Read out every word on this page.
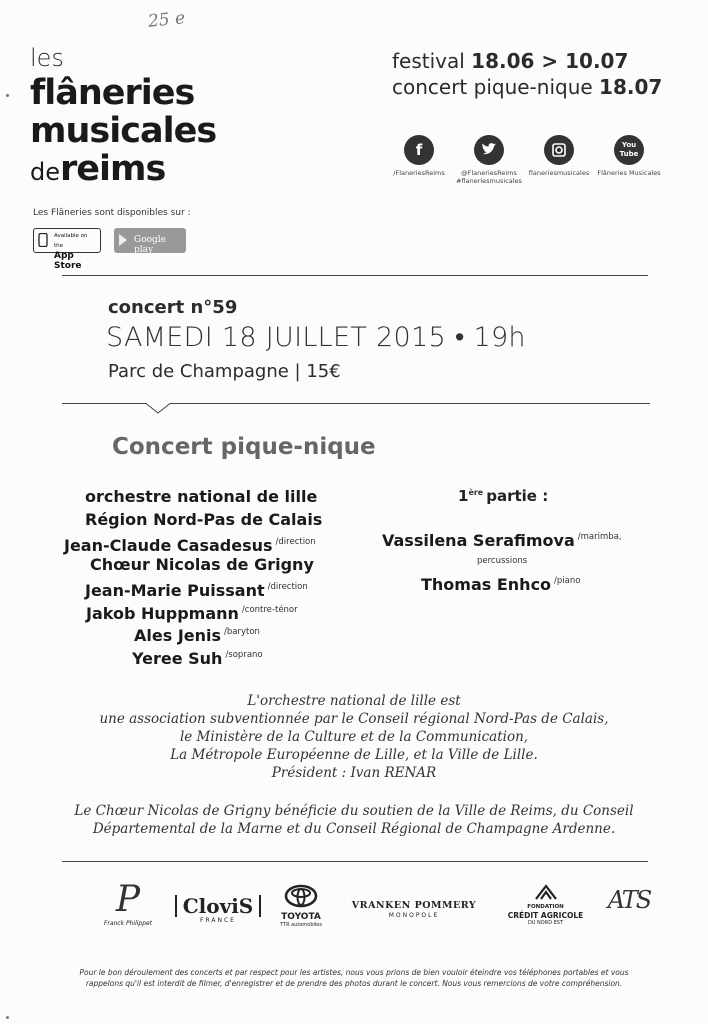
25 e
les
flâneries
musicales
dereims
festival 18.06 > 10.07
concert pique-nique 18.07
f
/FlaneriesReims	@FlaneriesReims #flaneriesmusicales
flaneriesmusicales
You Tube
Flâneries Musicales
Les Flâneries sont disponibles sur :
Available on the
App Store
Google play
concert n°59
SAMEDI 18 JUILLET 2015 • 19h
Parc de Champagne | 15€
Concert pique-nique
orchestre national de lille
Région Nord-Pas de Calais
Jean-Claude Casadesus $^{/direction}$
Chœur Nicolas de Grigny
Jean-Marie Puissant $^{/direction}$
Jakob Huppmann $^{/contre-ténor}$
Ales Jenis $^{/baryton}$
Yeree Suh $^{/soprano}$
1ère partie :
Vassilena Serafimova $^{/marimba,}$
percussions
Thomas Enhco $^{/piano}$
L'orchestre national de lille est
une association subventionnée par le Conseil régional Nord-Pas de Calais,
le Ministère de la Culture et de la Communication,
La Métropole Européenne de Lille, et la Ville de Lille.
Président : Ivan RENAR
Le Chœur Nicolas de Grigny bénéficie du soutien de la Ville de Reims, du Conseil
Départemental de la Marne et du Conseil Régional de Champagne Ardenne.
P
Franck Philippet
CloviS
FRANCE	TOYOTA
TTR automobiles
VRANKEN POMMERY
MONOPOLE
FONDATION
CRÉDIT AGRICOLE
DU NORD EST
ATS
Pour le bon déroulement des concerts et par respect pour les artistes, nous vous prions de bien vouloir éteindre vos téléphones portables et vous
rappelons qu'il est interdit de filmer, d'enregistrer et de prendre des photos durant le concert. Nous vous remercions de votre compréhension.
